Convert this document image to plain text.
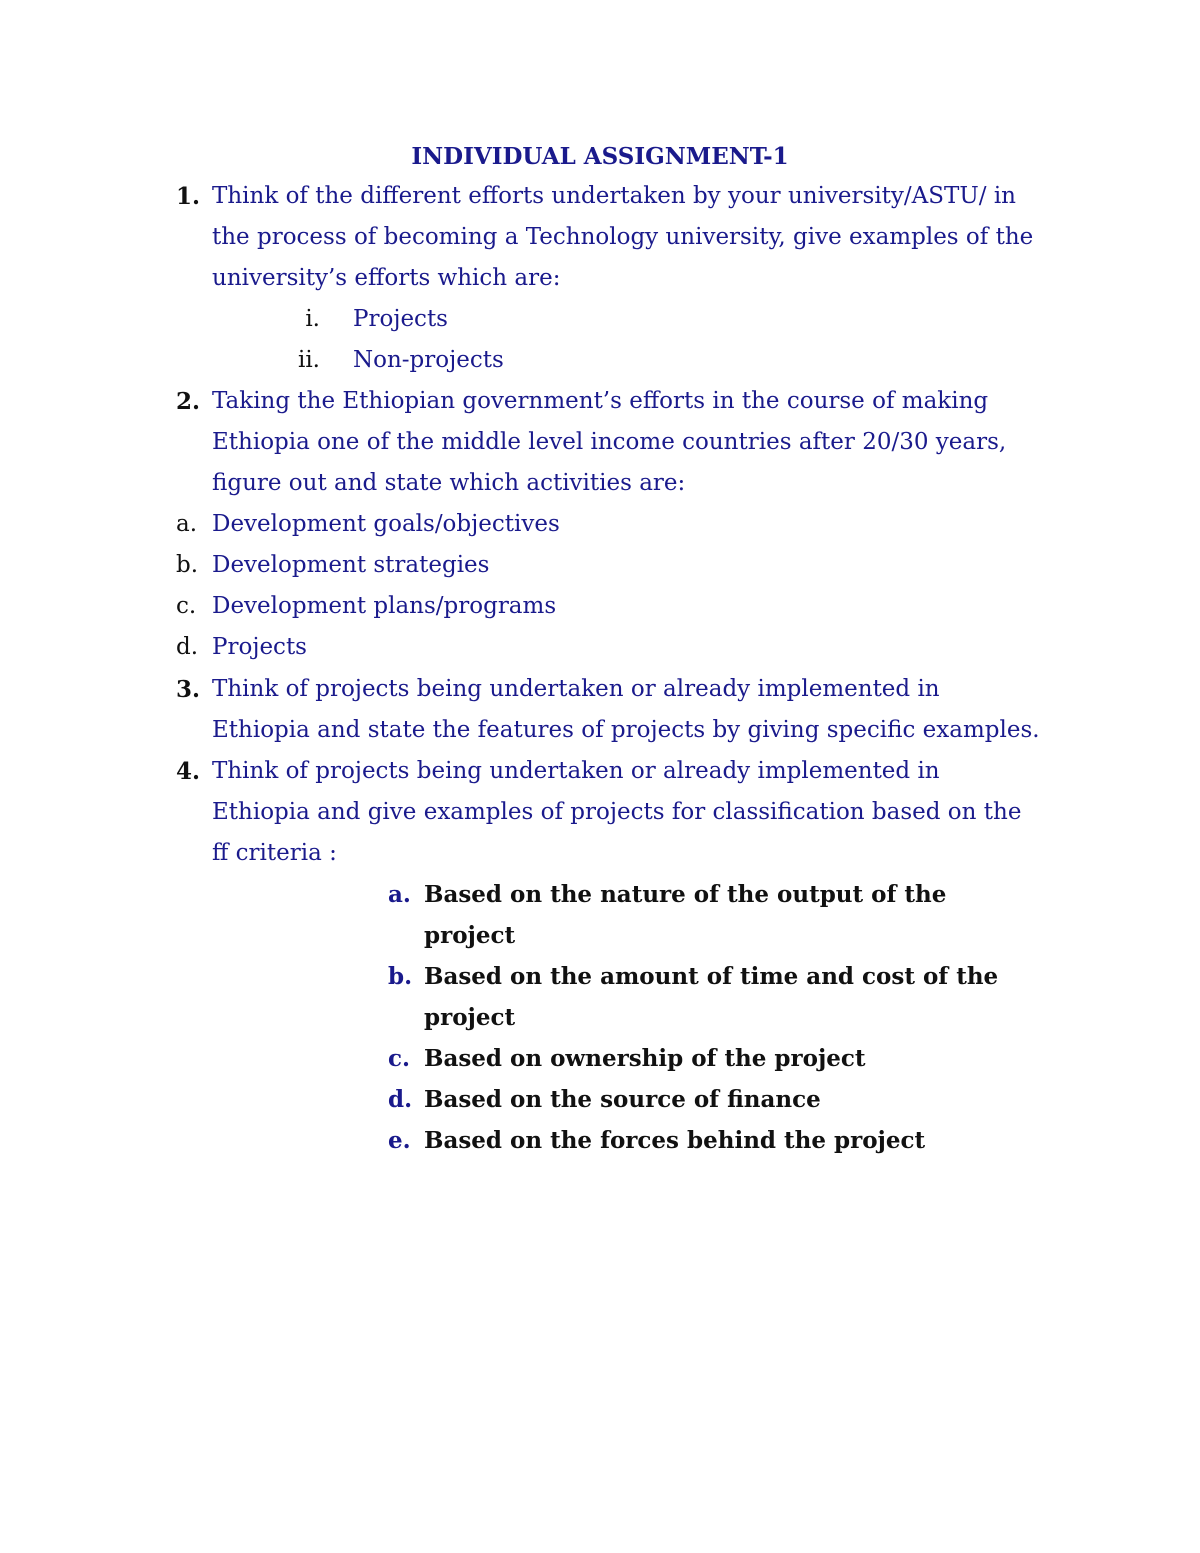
INDIVIDUAL ASSIGNMENT-1
1. Think of the different efforts undertaken by your university/ASTU/ in
the process of becoming a Technology university, give examples of the
university’s efforts which are:
i. Projects
ii. Non-projects
2. Taking the Ethiopian government’s efforts in the course of making
Ethiopia one of the middle level income countries after 20/30 years,
figure out and state which activities are:
a. Development goals/objectives
b. Development strategies
c. Development plans/programs
d. Projects
3. Think of projects being undertaken or already implemented in
Ethiopia and state the features of projects by giving specific examples.
4. Think of projects being undertaken or already implemented in
Ethiopia and give examples of projects for classification based on the
ff criteria :
a. Based on the nature of the output of the
project
b. Based on the amount of time and cost of the
project
c. Based on ownership of the project
d. Based on the source of finance
e. Based on the forces behind the project
